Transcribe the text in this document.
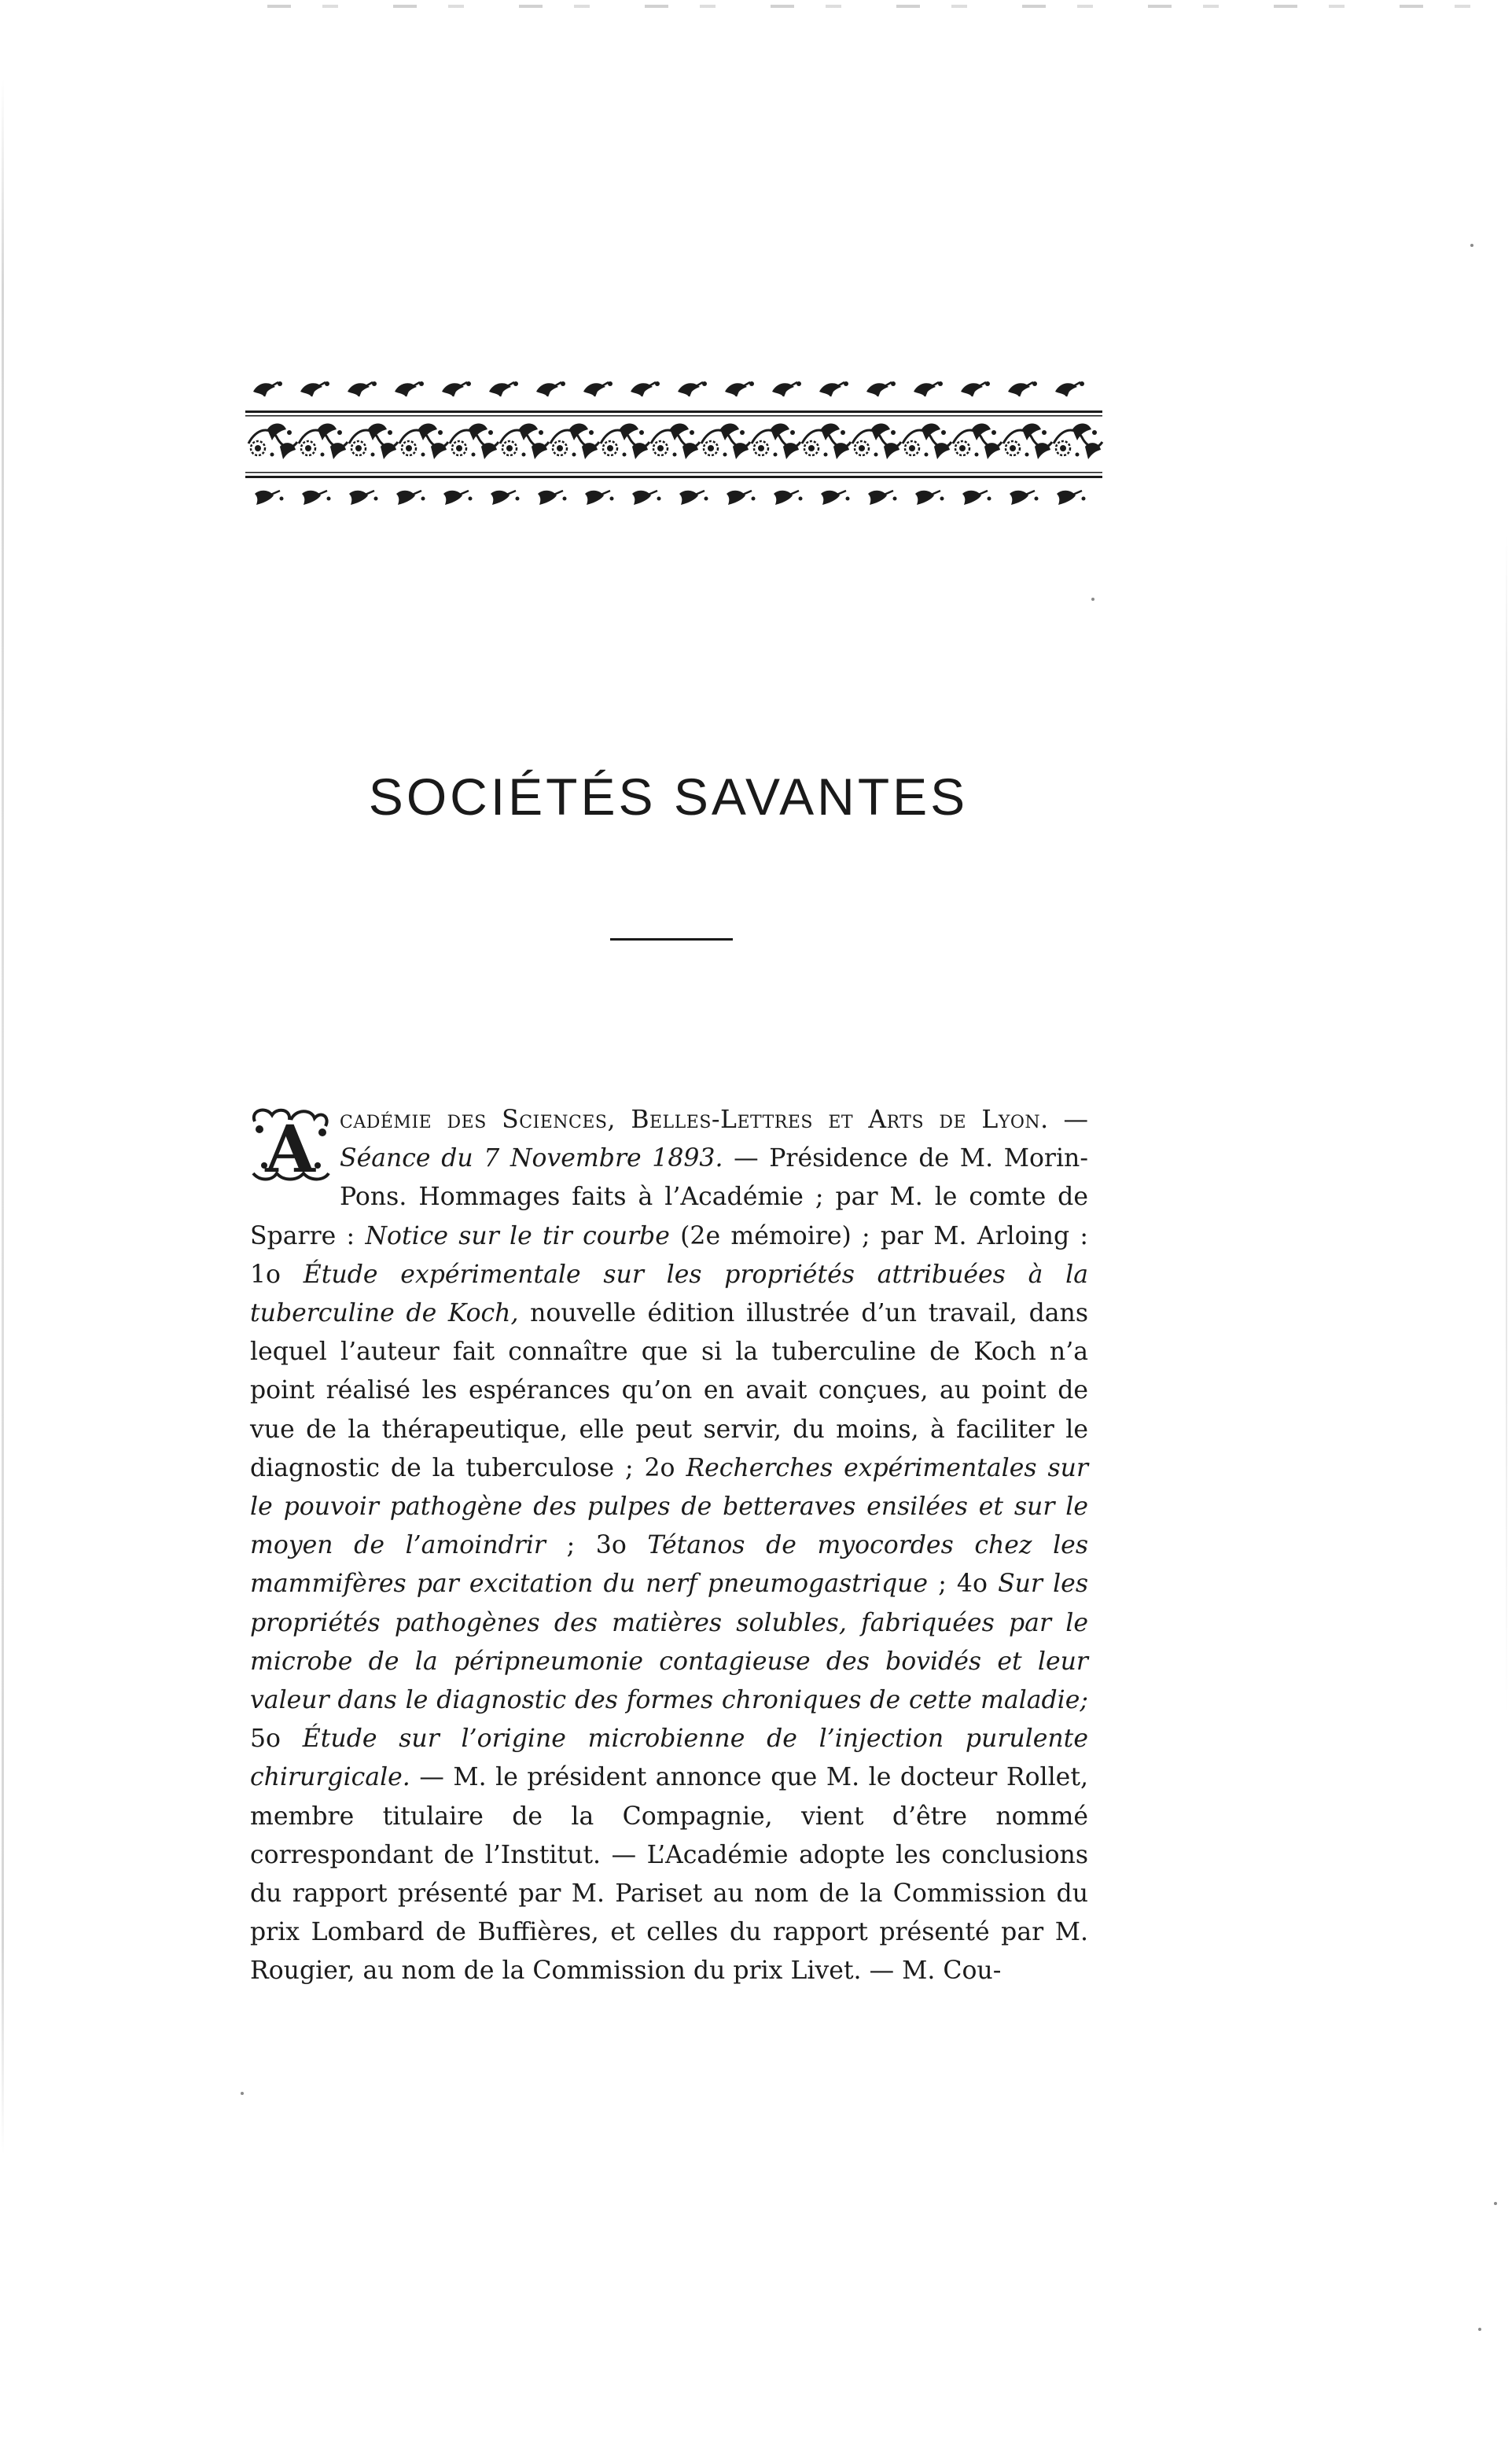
SOCIÉTÉS SAVANTES
A cadémie des Sciences, Belles-Lettres et Arts de Lyon. — Séance du 7 Novembre 1893. — Présidence de M. Morin-Pons. Hommages faits à l’Académie ; par M. le comte de Sparre : Notice sur le tir courbe (2e mémoire) ; par M. Arloing : 1o Étude expérimentale sur les propriétés attribuées à la tuberculine de Koch, nouvelle édition illustrée d’un travail, dans lequel l’auteur fait connaître que si la tuberculine de Koch n’a point réalisé les espérances qu’on en avait conçues, au point de vue de la thérapeutique, elle peut servir, du moins, à faciliter le diagnostic de la tuberculose ; 2o Recherches expérimentales sur le pouvoir pathogène des pulpes de betteraves ensilées et sur le moyen de l’amoindrir ; 3o Tétanos de myocordes chez les mammifères par excitation du nerf pneumogastrique ; 4o Sur les propriétés pathogènes des matières solubles, fabriquées par le microbe de la péripneumonie contagieuse des bovidés et leur valeur dans le diagnostic des formes chroniques de cette maladie; 5o Étude sur l’origine microbienne de l’injection purulente chirurgicale. — M. le président annonce que M. le docteur Rollet, membre titulaire de la Compagnie, vient d’être nommé correspondant de l’Institut. — L’Académie adopte les conclusions du rapport présenté par M. Pariset au nom de la Commission du prix Lombard de Buffières, et celles du rapport présenté par M. Rougier, au nom de la Commission du prix Livet. — M. Cou-
